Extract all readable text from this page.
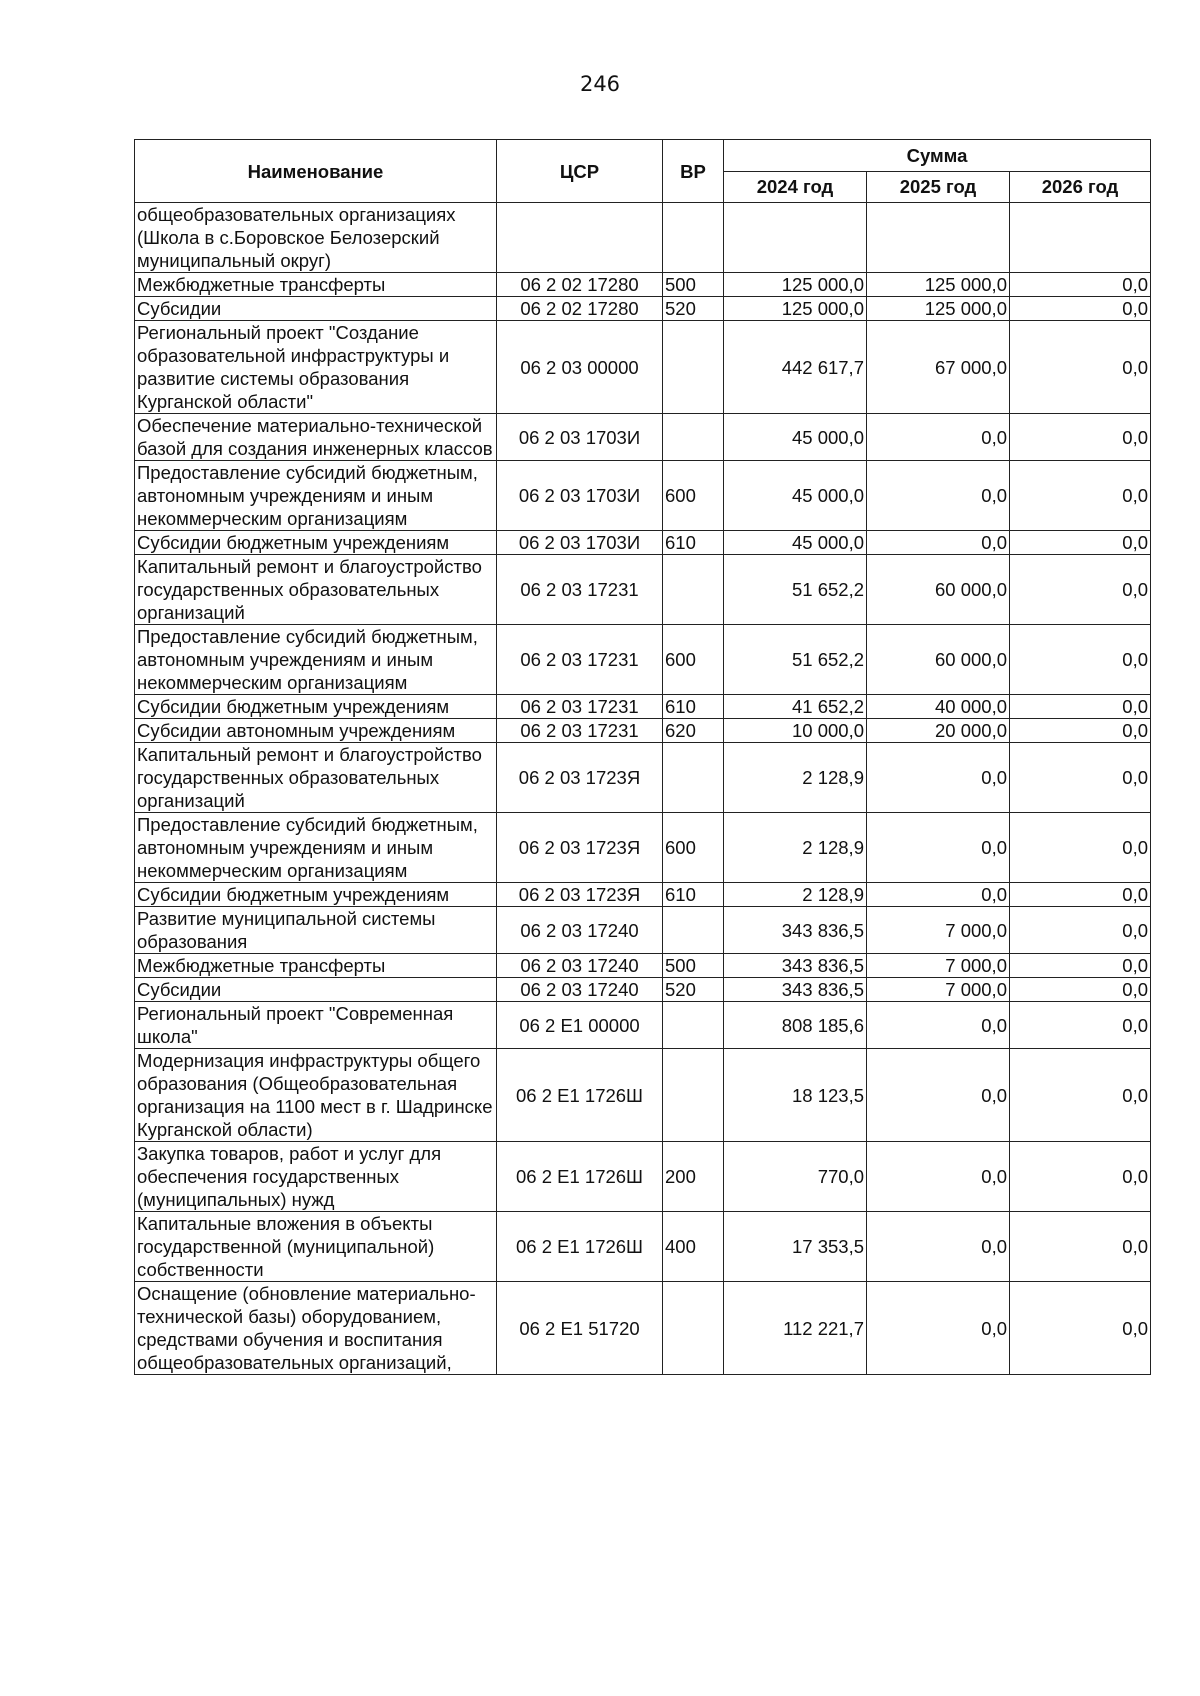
246
Наименование	ЦСР	ВР	Сумма		
			2024 год	2025 год	2026 год
общеобразовательных организациях (Школа в с.Боровское Белозерский муниципальный округ)					
Межбюджетные трансферты	06 2 02 17280	500	125 000,0	125 000,0	0,0
Субсидии	06 2 02 17280	520	125 000,0	125 000,0	0,0
Региональный проект "Создание образовательной инфраструктуры и развитие системы образования Курганской области"	06 2 03 00000		442 617,7	67 000,0	0,0
Обеспечение материально-технической базой для создания инженерных классов	06 2 03 1703И		45 000,0	0,0	0,0
Предоставление субсидий бюджетным, автономным учреждениям и иным некоммерческим организациям	06 2 03 1703И	600	45 000,0	0,0	0,0
Субсидии бюджетным учреждениям	06 2 03 1703И	610	45 000,0	0,0	0,0
Капитальный ремонт и благоустройство государственных образовательных организаций	06 2 03 17231		51 652,2	60 000,0	0,0
Предоставление субсидий бюджетным, автономным учреждениям и иным некоммерческим организациям	06 2 03 17231	600	51 652,2	60 000,0	0,0
Субсидии бюджетным учреждениям	06 2 03 17231	610	41 652,2	40 000,0	0,0
Субсидии автономным учреждениям	06 2 03 17231	620	10 000,0	20 000,0	0,0
Капитальный ремонт и благоустройство государственных образовательных организаций	06 2 03 1723Я		2 128,9	0,0	0,0
Предоставление субсидий бюджетным, автономным учреждениям и иным некоммерческим организациям	06 2 03 1723Я	600	2 128,9	0,0	0,0
Субсидии бюджетным учреждениям	06 2 03 1723Я	610	2 128,9	0,0	0,0
Развитие муниципальной системы образования	06 2 03 17240		343 836,5	7 000,0	0,0
Межбюджетные трансферты	06 2 03 17240	500	343 836,5	7 000,0	0,0
Субсидии	06 2 03 17240	520	343 836,5	7 000,0	0,0
Региональный проект "Современная школа"	06 2 E1 00000		808 185,6	0,0	0,0
Модернизация инфраструктуры общего образования (Общеобразовательная организация на 1100 мест в г. Шадринске Курганской области)	06 2 E1 1726Ш		18 123,5	0,0	0,0
Закупка товаров, работ и услуг для обеспечения государственных (муниципальных) нужд	06 2 E1 1726Ш	200	770,0	0,0	0,0
Капитальные вложения в объекты государственной (муниципальной) собственности	06 2 E1 1726Ш	400	17 353,5	0,0	0,0
Оснащение (обновление материально-технической базы) оборудованием, средствами обучения и воспитания общеобразовательных организаций,	06 2 E1 51720		112 221,7	0,0	0,0
